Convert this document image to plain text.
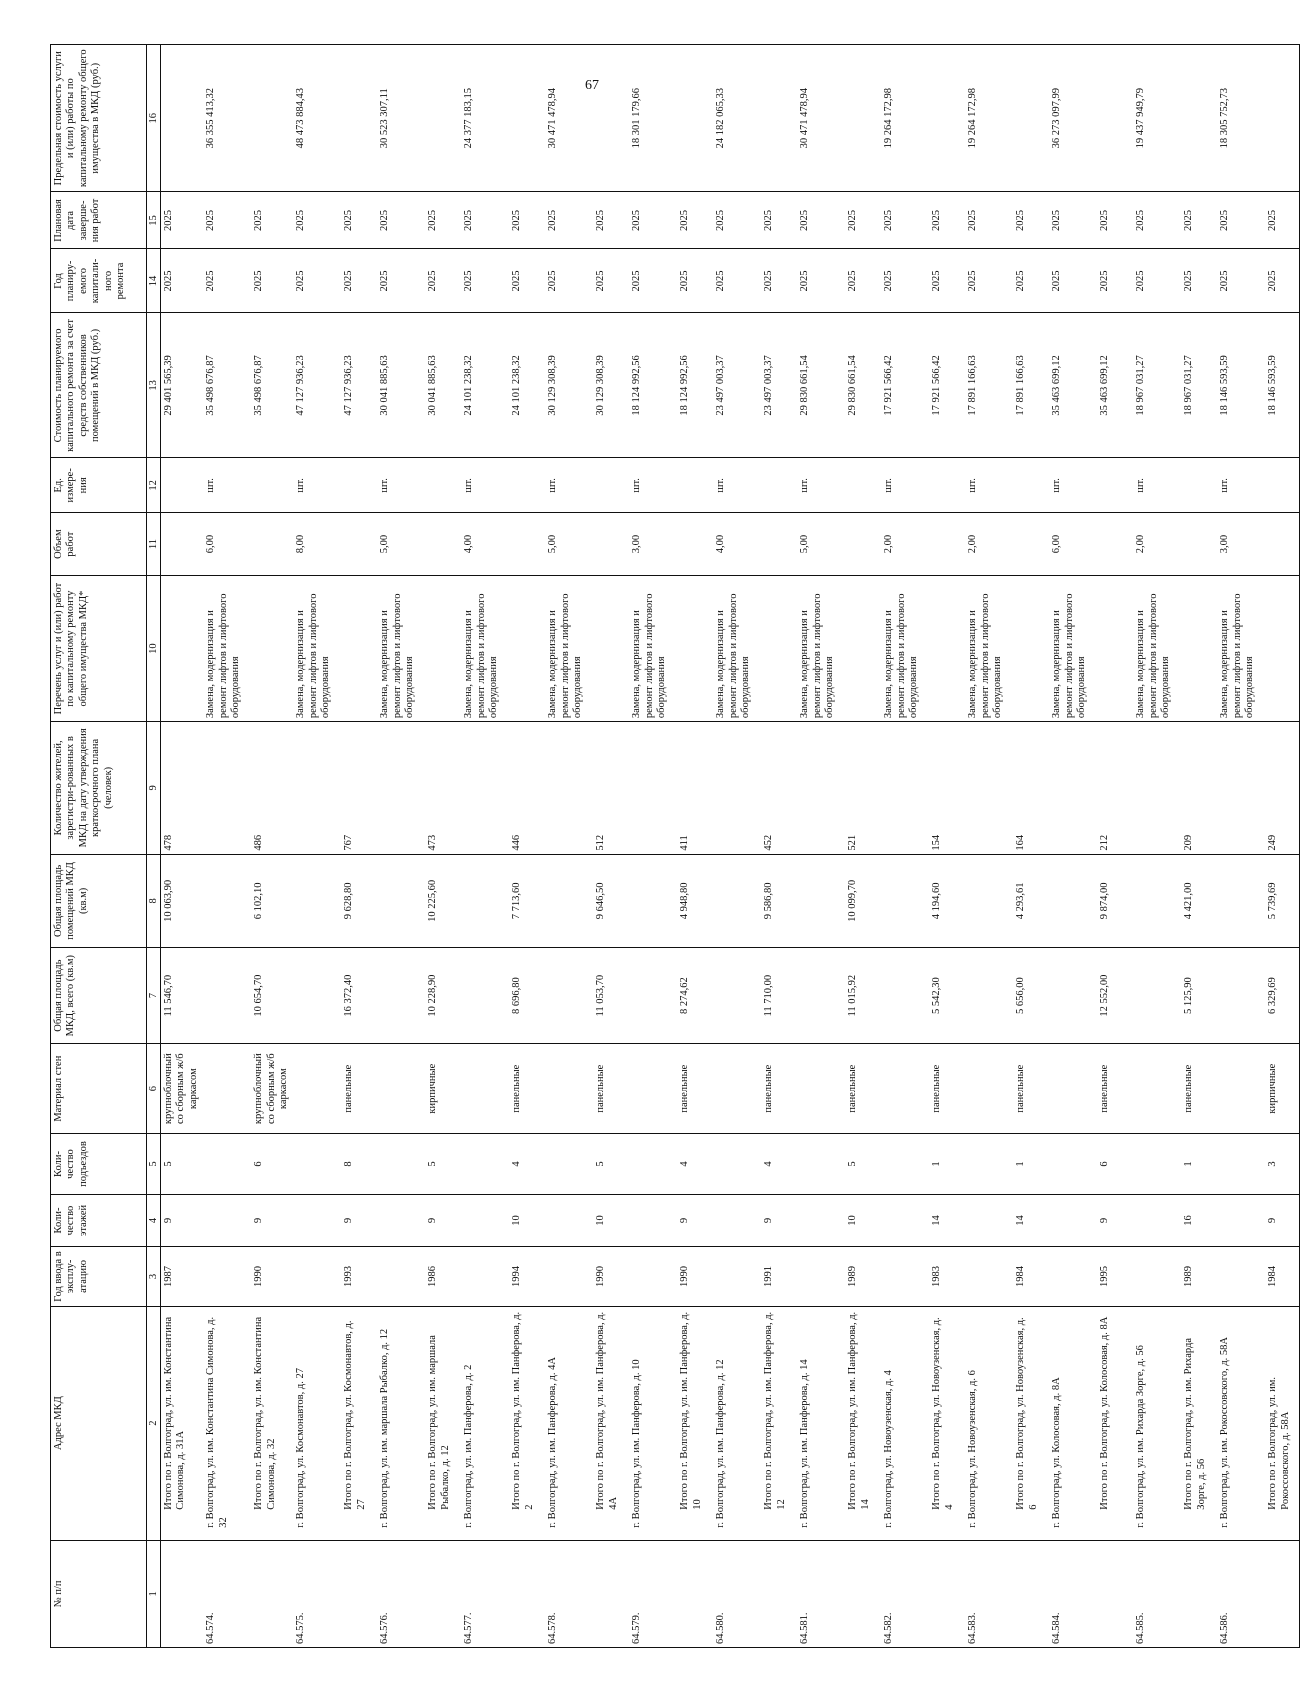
67
№ п/п	Адрес МКД	Год ввода в эксплу-атацию	Коли-чество этажей	Коли-чество подъездов	Материал стен	Общая площадь МКД, всего (кв.м)	Общая площадь помещений МКД (кв.м)	Количество жителей, зарегистри-рованных в МКД на дату утверждения краткосрочного плана (человек)	Перечень услуг и (или) работ по капитальному ремонту общего имущества МКД*	Объем работ	Ед. измере-ния	Стоимость планируемого капитального ремонта за счет средств собственников помещений в МКД (руб.)	Год планиру-емого капитали-ного ремонта	Плановая дата заверше-ния работ	Предельная стоимость услуги и (или) работы по капитальному ремонту общего имущества в МКД (руб.)
1	2	3	4	5	6	7	8	9	10	11	12	13	14	15	16
	Итого по г. Волгоград, ул. им. Константина Симонова, д. 31А	1987	9	5	крупноблочный со сборным ж/б каркасом	11 546,70	10 063,90	478				29 401 565,39	2025	2025	
64.574.	г. Волгоград, ул. им. Константина Симонова, д. 32								Замена, модернизация и ремонт лифтов и лифтового оборудования	6,00	шт.	35 498 676,87	2025	2025	36 355 413,32
	Итого по г. Волгоград, ул. им. Константина Симонова, д. 32	1990	9	6	крупноблочный со сборным ж/б каркасом	10 654,70	6 102,10	486				35 498 676,87	2025	2025	
64.575.	г. Волгоград, ул. Космонавтов, д. 27								Замена, модернизация и ремонт лифтов и лифтового оборудования	8,00	шт.	47 127 936,23	2025	2025	48 473 884,43
	Итого по г. Волгоград, ул. Космонавтов, д. 27	1993	9	8	панельные	16 372,40	9 628,80	767				47 127 936,23	2025	2025	
64.576.	г. Волгоград, ул. им. маршала Рыбалко, д. 12								Замена, модернизация и ремонт лифтов и лифтового оборудования	5,00	шт.	30 041 885,63	2025	2025	30 523 307,11
	Итого по г. Волгоград, ул. им. маршала Рыбалко, д. 12	1986	9	5	кирпичные	10 228,90	10 225,60	473				30 041 885,63	2025	2025	
64.577.	г. Волгоград, ул. им. Панферова, д. 2								Замена, модернизация и ремонт лифтов и лифтового оборудования	4,00	шт.	24 101 238,32	2025	2025	24 377 183,15
	Итого по г. Волгоград, ул. им. Панферова, д. 2	1994	10	4	панельные	8 696,80	7 713,60	446				24 101 238,32	2025	2025	
64.578.	г. Волгоград, ул. им. Панферова, д. 4А								Замена, модернизация и ремонт лифтов и лифтового оборудования	5,00	шт.	30 129 308,39	2025	2025	30 471 478,94
	Итого по г. Волгоград, ул. им. Панферова, д. 4А	1990	10	5	панельные	11 053,70	9 646,50	512				30 129 308,39	2025	2025	
64.579.	г. Волгоград, ул. им. Панферова, д. 10								Замена, модернизация и ремонт лифтов и лифтового оборудования	3,00	шт.	18 124 992,56	2025	2025	18 301 179,66
	Итого по г. Волгоград, ул. им. Панферова, д. 10	1990	9	4	панельные	8 274,62	4 948,80	411				18 124 992,56	2025	2025	
64.580.	г. Волгоград, ул. им. Панферова, д. 12								Замена, модернизация и ремонт лифтов и лифтового оборудования	4,00	шт.	23 497 003,37	2025	2025	24 182 065,33
	Итого по г. Волгоград, ул. им. Панферова, д. 12	1991	9	4	панельные	11 710,00	9 586,80	452				23 497 003,37	2025	2025	
64.581.	г. Волгоград, ул. им. Панферова, д. 14								Замена, модернизация и ремонт лифтов и лифтового оборудования	5,00	шт.	29 830 661,54	2025	2025	30 471 478,94
	Итого по г. Волгоград, ул. им. Панферова, д. 14	1989	10	5	панельные	11 015,92	10 099,70	521				29 830 661,54	2025	2025	
64.582.	г. Волгоград, ул. Новоузенская, д. 4								Замена, модернизация и ремонт лифтов и лифтового оборудования	2,00	шт.	17 921 566,42	2025	2025	19 264 172,98
	Итого по г. Волгоград, ул. Новоузенская, д. 4	1983	14	1	панельные	5 542,30	4 194,60	154				17 921 566,42	2025	2025	
64.583.	г. Волгоград, ул. Новоузенская, д. 6								Замена, модернизация и ремонт лифтов и лифтового оборудования	2,00	шт.	17 891 166,63	2025	2025	19 264 172,98
	Итого по г. Волгоград, ул. Новоузенская, д. 6	1984	14	1	панельные	5 656,00	4 293,61	164				17 891 166,63	2025	2025	
64.584.	г. Волгоград, ул. Колосовая, д. 8А								Замена, модернизация и ремонт лифтов и лифтового оборудования	6,00	шт.	35 463 699,12	2025	2025	36 273 097,99
	Итого по г. Волгоград, ул. Колосовая, д. 8А	1995	9	6	панельные	12 552,00	9 874,00	212				35 463 699,12	2025	2025	
64.585.	г. Волгоград, ул. им. Рихарда Зорге, д. 56								Замена, модернизация и ремонт лифтов и лифтового оборудования	2,00	шт.	18 967 031,27	2025	2025	19 437 949,79
	Итого по г. Волгоград, ул. им. Рихарда Зорге, д. 56	1989	16	1	панельные	5 125,90	4 421,00	209				18 967 031,27	2025	2025	
64.586.	г. Волгоград, ул. им. Рокоссовского, д. 58А								Замена, модернизация и ремонт лифтов и лифтового оборудования	3,00	шт.	18 146 593,59	2025	2025	18 305 752,73
	Итого по г. Волгоград, ул. им. Рокоссовского, д. 58А	1984	9	3	кирпичные	6 329,69	5 739,69	249				18 146 593,59	2025	2025	
